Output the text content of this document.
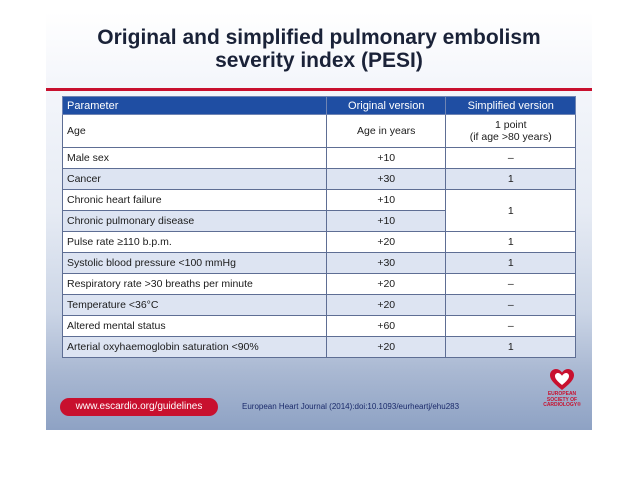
Original and simplified pulmonary embolism
severity index (PESI)
Parameter	Original version	Simplified version
Age	Age in years	1 point
(if age >80 years)

Male sex	+10	–
Cancer	+30	1
Chronic heart failure	+10	1
Chronic pulmonary disease	+10	
Pulse rate ≥110 b.p.m.	+20	1
Systolic blood pressure <100 mmHg	+30	1
Respiratory rate >30 breaths per minute	+20	–
Temperature <36°C	+20	–
Altered mental status	+60	–
Arterial oxyhaemoglobin saturation <90%	+20	1
www.escardio.org/guidelines	European Heart Journal (2014):doi:10.1093/eurheartj/ehu283
EUROPEAN
SOCIETY OF
CARDIOLOGY®
